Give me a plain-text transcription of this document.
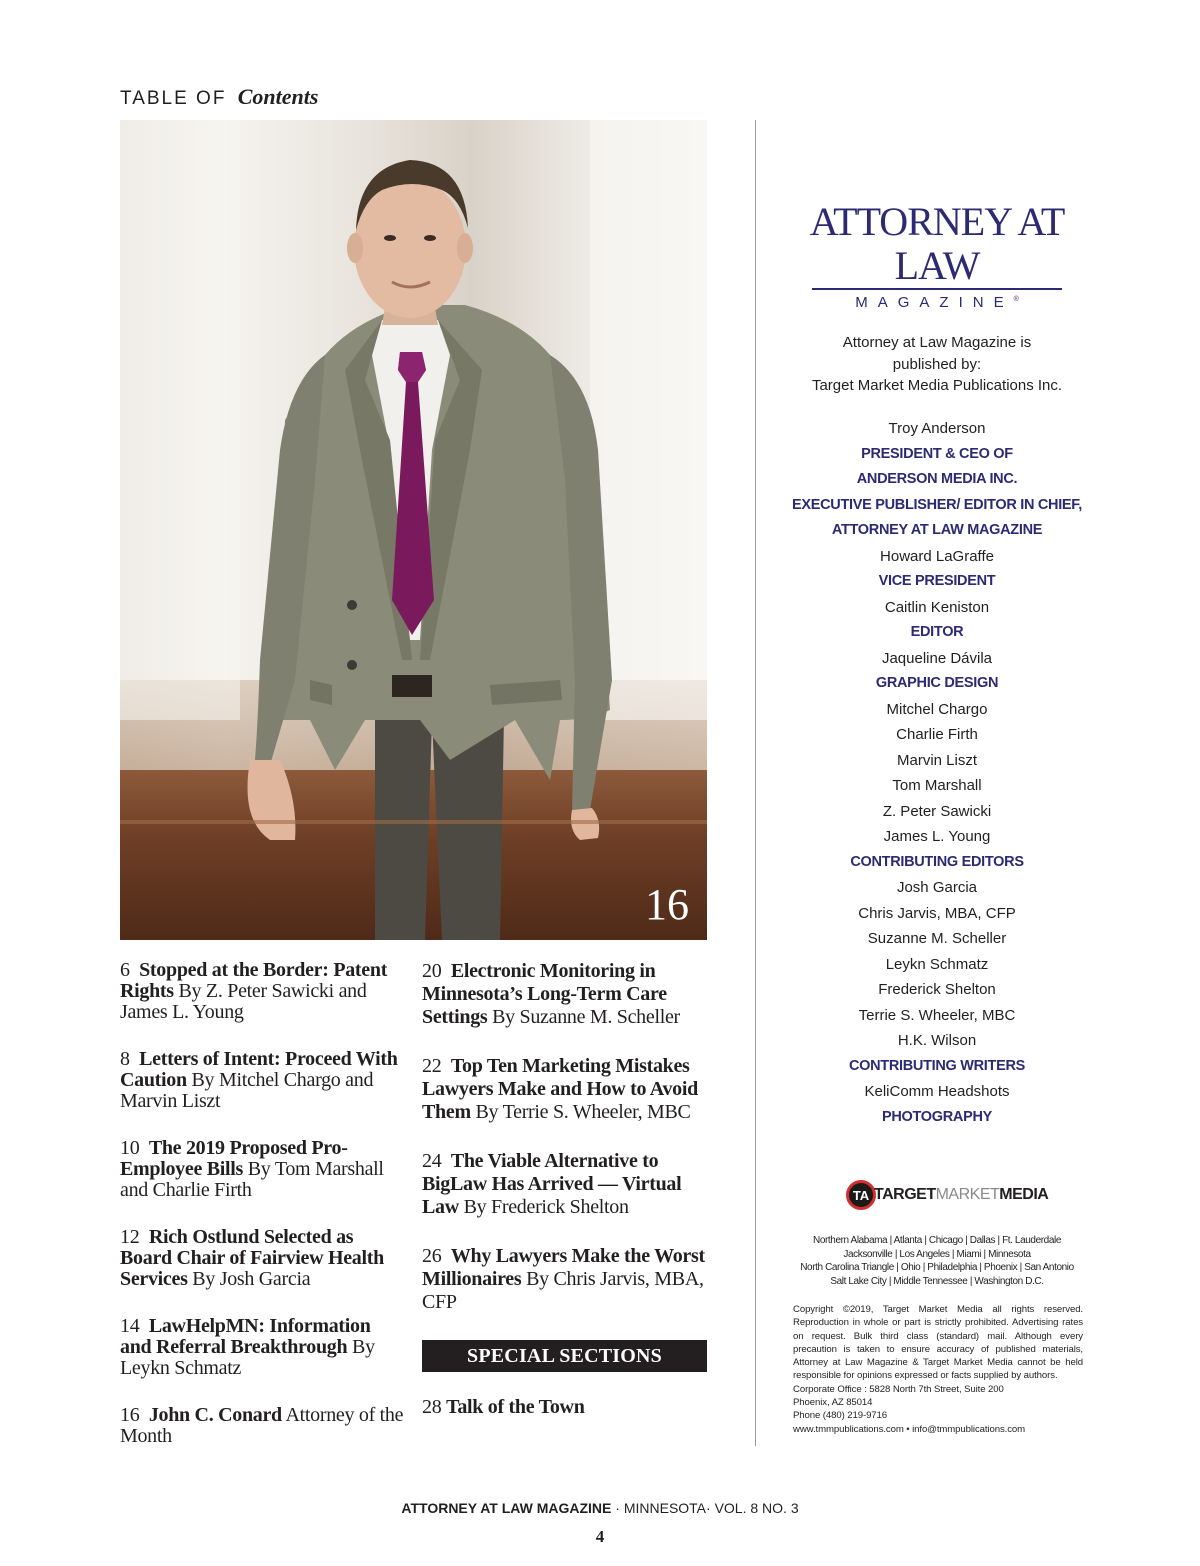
TABLE OF Contents
16
6 Stopped at the Border: Patent Rights By Z. Peter Sawicki and James L. Young
8 Letters of Intent: Proceed With Caution By Mitchel Chargo and Marvin Liszt
10 The 2019 Proposed Pro-Employee Bills By Tom Marshall and Charlie Firth
12 Rich Ostlund Selected as Board Chair of Fairview Health Services By Josh Garcia
14 LawHelpMN: Information and Referral Breakthrough By Leykn Schmatz
16 John C. Conard Attorney of the Month
20 Electronic Monitoring in Minnesota’s Long-Term Care Settings By Suzanne M. Scheller
22 Top Ten Marketing Mistakes Lawyers Make and How to Avoid Them By Terrie S. Wheeler, MBC
24 The Viable Alternative to BigLaw Has Arrived — Virtual Law By Frederick Shelton
26 Why Lawyers Make the Worst Millionaires By Chris Jarvis, MBA, CFP
SPECIAL SECTIONS
28 Talk of the Town
ATTORNEY AT LAW
MAGAZINE®
Attorney at Law Magazine is
published by:
Target Market Media Publications Inc.
Troy Anderson
PRESIDENT & CEO OF
ANDERSON MEDIA INC.
EXECUTIVE PUBLISHER/ EDITOR IN CHIEF,
ATTORNEY AT LAW MAGAZINE
Howard LaGraffe
VICE PRESIDENT
Caitlin Keniston
EDITOR
Jaqueline Dávila
GRAPHIC DESIGN
Mitchel Chargo
Charlie Firth
Marvin Liszt
Tom Marshall
Z. Peter Sawicki
James L. Young
CONTRIBUTING EDITORS
Josh Garcia
Chris Jarvis, MBA, CFP
Suzanne M. Scheller
Leykn Schmatz
Frederick Shelton
Terrie S. Wheeler, MBC
H.K. Wilson
CONTRIBUTING WRITERS
KeliComm Headshots
PHOTOGRAPHY
TA TARGETMARKETMEDIA
Northern Alabama | Atlanta | Chicago | Dallas | Ft. Lauderdale
Jacksonville | Los Angeles | Miami | Minnesota
North Carolina Triangle | Ohio | Philadelphia | Phoenix | San Antonio
Salt Lake City | Middle Tennessee | Washington D.C.
Copyright ©2019, Target Market Media all rights reserved. Reproduction in whole or part is strictly prohibited. Advertising rates on request. Bulk third class (standard) mail. Although every precaution is taken to ensure accuracy of published materials, Attorney at Law Magazine & Target Market Media cannot be held responsible for opinions expressed or facts supplied by authors.
Corporate Office : 5828 North 7th Street, Suite 200
Phoenix, AZ 85014
Phone (480) 219-9716
www.tmmpublications.com • info@tmmpublications.com
ATTORNEY AT LAW MAGAZINE · MINNESOTA· VOL. 8 NO. 3
4
